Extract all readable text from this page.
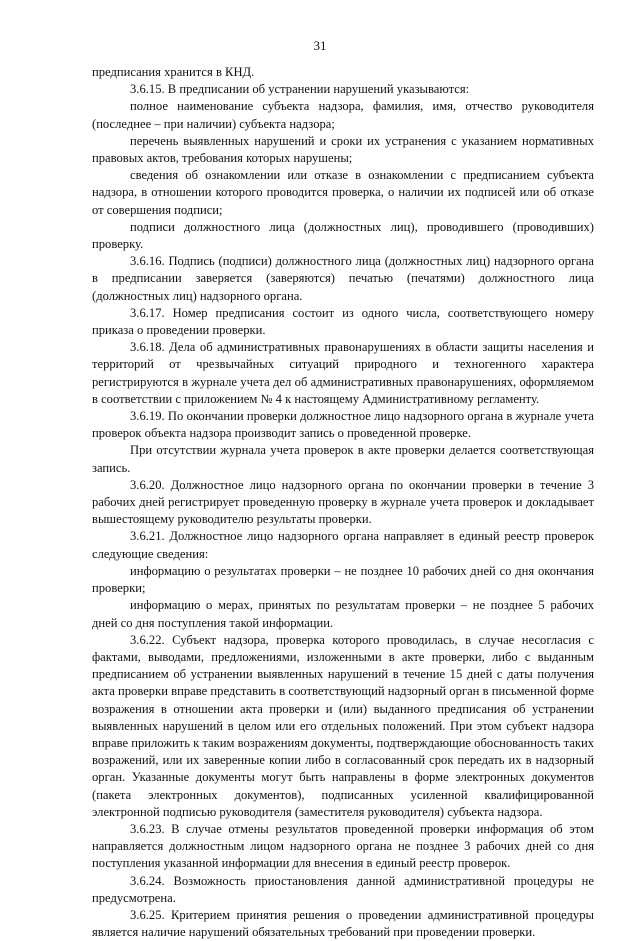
31

предписания хранится в КНД.

3.6.15. В предписании об устранении нарушений указываются:

полное наименование субъекта надзора, фамилия, имя, отчество руководителя (последнее – при наличии) субъекта надзора;

перечень выявленных нарушений и сроки их устранения с указанием нормативных правовых актов, требования которых нарушены;

сведения об ознакомлении или отказе в ознакомлении с предписанием субъекта надзора, в отношении которого проводится проверка, о наличии их подписей или об отказе от совершения подписи;

подписи должностного лица (должностных лиц), проводившего (проводивших) проверку.

3.6.16. Подпись (подписи) должностного лица (должностных лиц) надзорного органа в предписании заверяется (заверяются) печатью (печатями) должностного лица (должностных лиц) надзорного органа.

3.6.17. Номер предписания состоит из одного числа, соответствующего номеру приказа о проведении проверки.

3.6.18. Дела об административных правонарушениях в области защиты населения и территорий от чрезвычайных ситуаций природного и техногенного характера регистрируются в журнале учета дел об административных правонарушениях, оформляемом в соответствии с приложением № 4 к настоящему Административному регламенту.

3.6.19. По окончании проверки должностное лицо надзорного органа в журнале учета проверок объекта надзора производит запись о проведенной проверке.

При отсутствии журнала учета проверок в акте проверки делается соответствующая запись.

3.6.20. Должностное лицо надзорного органа по окончании проверки в течение 3 рабочих дней регистрирует проведенную проверку в журнале учета проверок и докладывает вышестоящему руководителю результаты проверки.

3.6.21. Должностное лицо надзорного органа направляет в единый реестр проверок следующие сведения:

информацию о результатах проверки – не позднее 10 рабочих дней со дня окончания проверки;

информацию о мерах, принятых по результатам проверки – не позднее 5 рабочих дней со дня поступления такой информации.

3.6.22. Субъект надзора, проверка которого проводилась, в случае несогласия с фактами, выводами, предложениями, изложенными в акте проверки, либо с выданным предписанием об устранении выявленных нарушений в течение 15 дней с даты получения акта проверки вправе представить в соответствующий надзорный орган в письменной форме возражения в отношении акта проверки и (или) выданного предписания об устранении выявленных нарушений в целом или его отдельных положений. При этом субъект надзора вправе приложить к таким возражениям документы, подтверждающие обоснованность таких возражений, или их заверенные копии либо в согласованный срок передать их в надзорный орган. Указанные документы могут быть направлены в форме электронных документов (пакета электронных документов), подписанных усиленной квалифицированной электронной подписью руководителя (заместителя руководителя) субъекта надзора.

3.6.23. В случае отмены результатов проведенной проверки информация об этом направляется должностным лицом надзорного органа не позднее 3 рабочих дней со дня поступления указанной информации для внесения в единый реестр проверок.

3.6.24. Возможность приостановления данной административной процедуры не предусмотрена.

3.6.25. Критерием принятия решения о проведении административной процедуры является наличие нарушений обязательных требований при проведении проверки.
